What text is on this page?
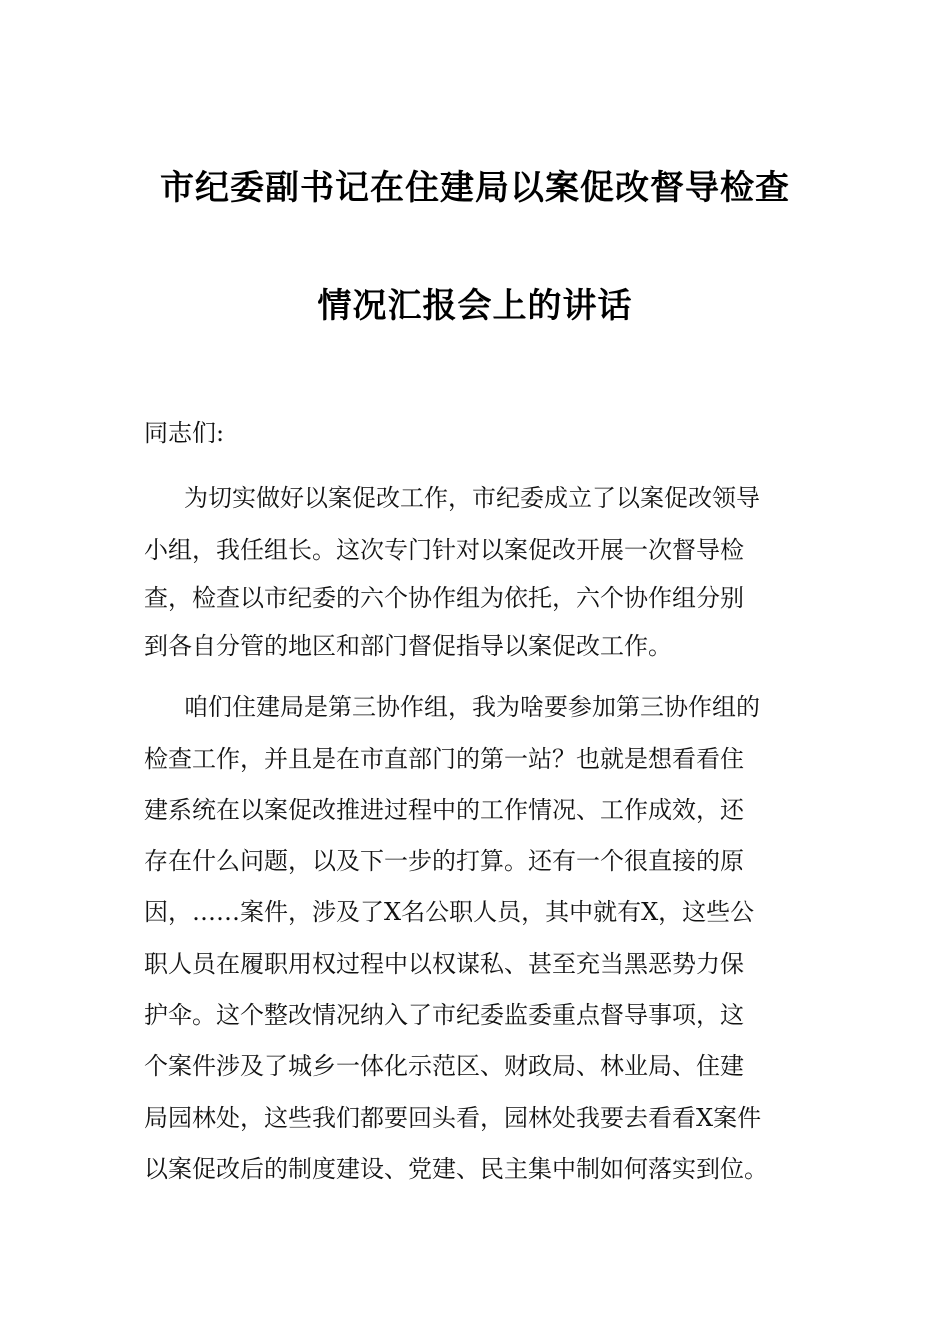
市纪委副书记在住建局以案促改督导检查
情况汇报会上的讲话
同志们:
为切实做好以案促改工作，市纪委成立了以案促改领导
小组，我任组长。这次专门针对以案促改开展一次督导检
查，检查以市纪委的六个协作组为依托，六个协作组分别
到各自分管的地区和部门督促指导以案促改工作。
咱们住建局是第三协作组，我为啥要参加第三协作组的
检查工作，并且是在市直部门的第一站？也就是想看看住
建系统在以案促改推进过程中的工作情况、工作成效，还
存在什么问题，以及下一步的打算。还有一个很直接的原
因，……案件，涉及了X名公职人员，其中就有X，这些公
职人员在履职用权过程中以权谋私、甚至充当黑恶势力保
护伞。这个整改情况纳入了市纪委监委重点督导事项，这
个案件涉及了城乡一体化示范区、财政局、林业局、住建
局园林处，这些我们都要回头看，园林处我要去看看X案件
以案促改后的制度建设、党建、民主集中制如何落实到位。
